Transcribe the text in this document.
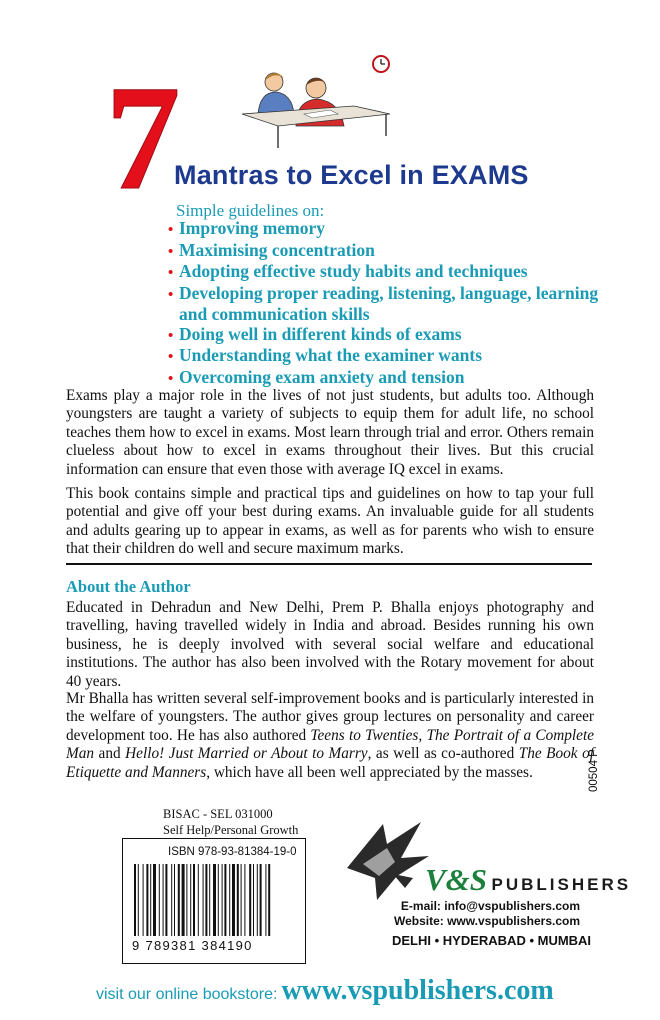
7
Mantras to Excel in EXAMS
Simple guidelines on:
• Improving memory
• Maximising concentration
• Adopting effective study habits and techniques
• Developing proper reading, listening, language, learning and communication skills
• Doing well in different kinds of exams
• Understanding what the examiner wants
• Overcoming exam anxiety and tension

Exams play a major role in the lives of not just students, but adults too. Although youngsters are taught a variety of subjects to equip them for adult life, no school teaches them how to excel in exams. Most learn through trial and error. Others remain clueless about how to excel in exams throughout their lives. But this crucial information can ensure that even those with average IQ excel in exams.

This book contains simple and practical tips and guidelines on how to tap your full potential and give off your best during exams. An invaluable guide for all students and adults gearing up to appear in exams, as well as for parents who wish to ensure that their children do well and secure maximum marks.

About the Author

Educated in Dehradun and New Delhi, Prem P. Bhalla enjoys photography and travelling, having travelled widely in India and abroad. Besides running his own business, he is deeply involved with several social welfare and educational institutions. The author has also been involved with the Rotary movement for about 40 years.

Mr Bhalla has written several self-improvement books and is particularly interested in the welfare of youngsters. The author gives group lectures on personality and career development too. He has also authored Teens to Twenties, The Portrait of a Complete Man and Hello! Just Married or About to Marry, as well as co-authored The Book of Etiquette and Manners, which have all been well appreciated by the masses.

BISAC - SEL 031000
Self Help/Personal Growth
ISBN 978-93-81384-19-0
9 789381 384190
00504 P
V&S PUBLISHERS
E-mail: info@vspublishers.com
Website: www.vspublishers.com
DELHI • HYDERABAD • MUMBAI
visit our online bookstore: www.vspublishers.com
